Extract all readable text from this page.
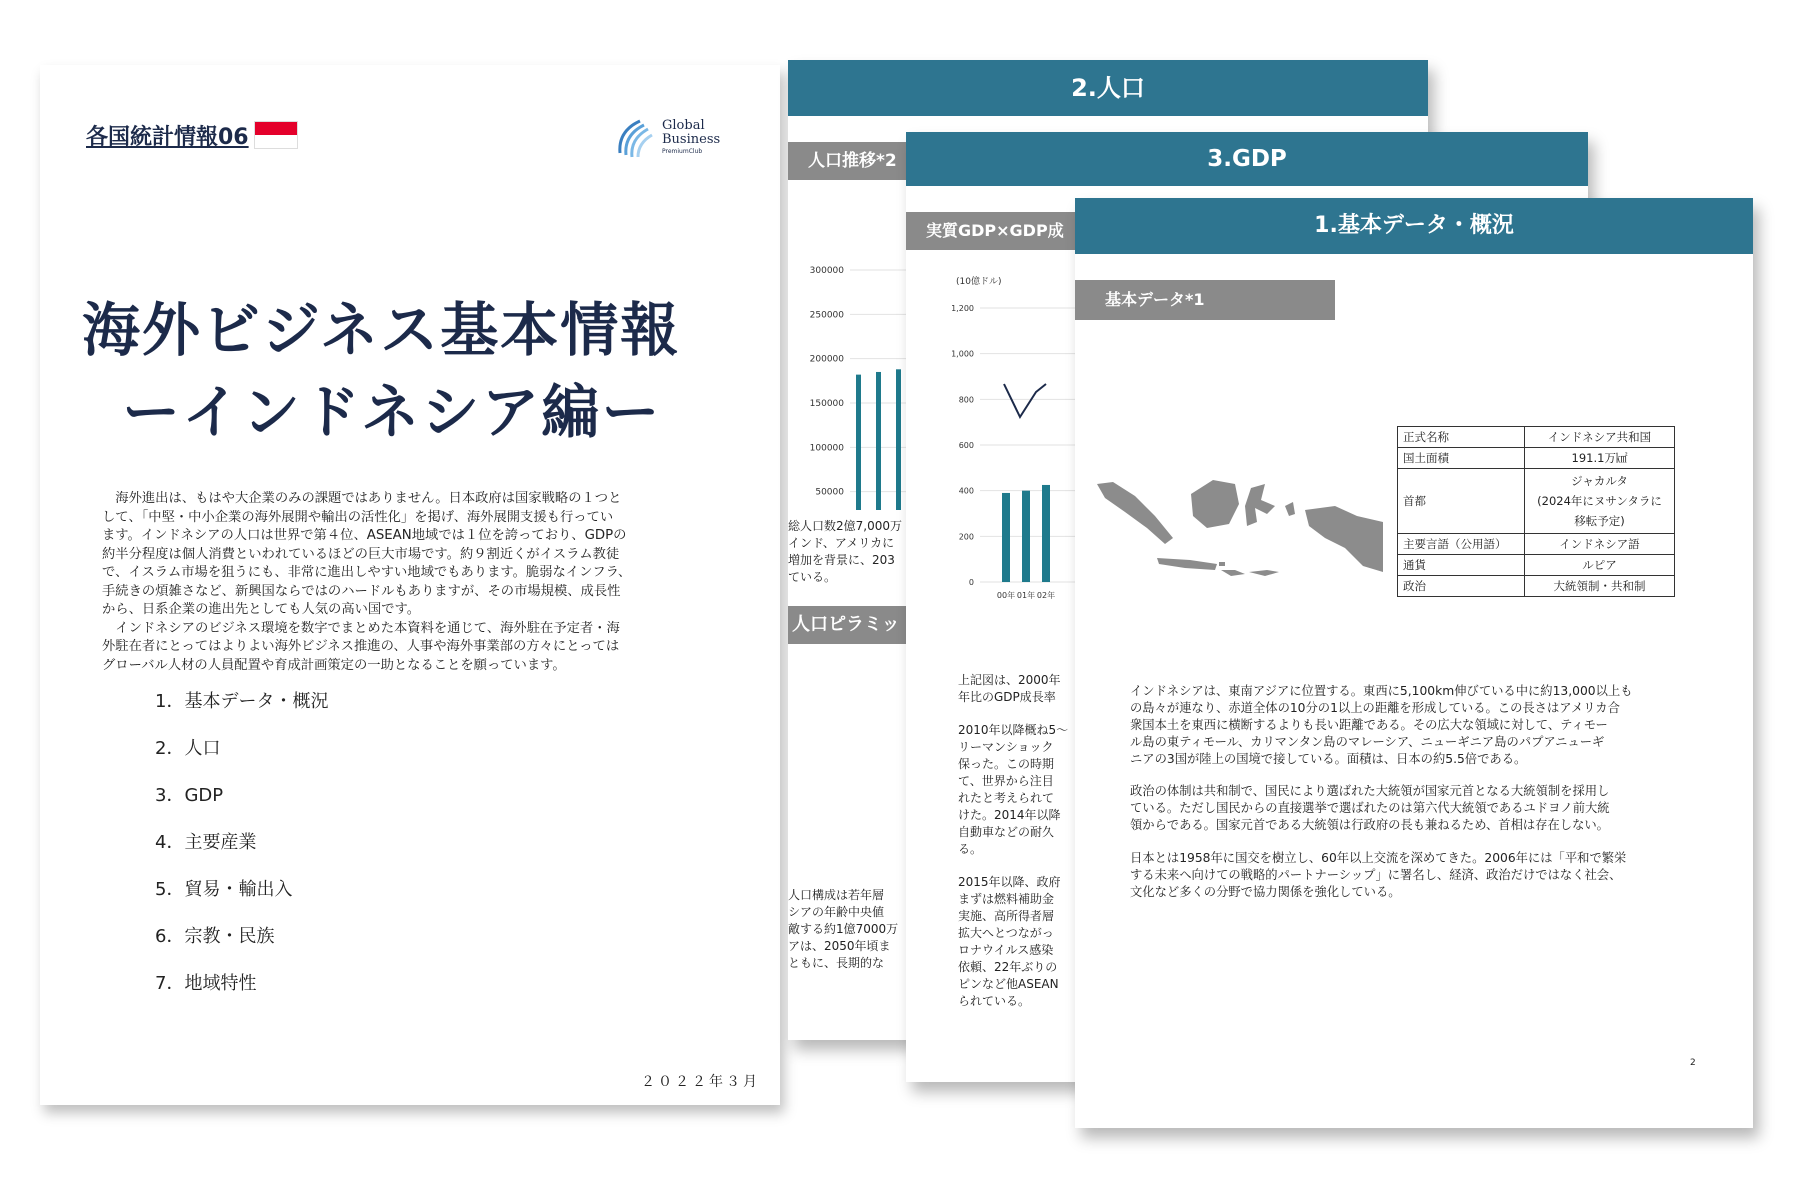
各国統計情報06	Global
Business
PremiumClub
海外ビジネス基本情報
ーインドネシア編ー
　海外進出は、もはや大企業のみの課題ではありません。日本政府は国家戦略の１つと
して、「中堅・中小企業の海外展開や輸出の活性化」を掲げ、海外展開支援も行ってい
ます。インドネシアの人口は世界で第４位、ASEAN地域では１位を誇っており、GDPの
約半分程度は個人消費といわれているほどの巨大市場です。約９割近くがイスラム教徒
で、イスラム市場を狙うにも、非常に進出しやすい地域でもあります。脆弱なインフラ、
手続きの煩雑さなど、新興国ならではのハードルもありますが、その市場規模、成長性
から、日系企業の進出先としても人気の高い国です。
　インドネシアのビジネス環境を数字でまとめた本資料を通じて、海外駐在予定者・海
外駐在者にとってはよりよい海外ビジネス推進の、人事や海外事業部の方々にとっては
グローバル人材の人員配置や育成計画策定の一助となることを願っています。
1．基本データ・概況
2．人口
3．GDP
4．主要産業
5．貿易・輸出入
6．宗教・民族
7．地域特性
２０２２年３月
2.人口
人口推移*2
300000
250000
200000
150000
100000
50000
総人口数2億7,000万
インド、アメリカに
増加を背景に、203
ている。
人口ピラミッ
人口構成は若年層
シアの年齢中央値
敵する約1億7000万
アは、2050年頃ま
ともに、長期的な
3.GDP
実質GDP×GDP成
(10億ドル)
1,200
1,000
800
600
400
200
0
00年 01年 02年
上記図は、2000年
年比のGDP成長率
2010年以降概ね5～
リーマンショック
保った。この時期
て、世界から注目
れたと考えられて
けた。2014年以降
自動車などの耐久
る。
2015年以降、政府
まずは燃料補助金
実施、高所得者層
拡大へとつながっ
ロナウイルス感染
依頼、22年ぶりの
ピンなど他ASEAN
られている。
1.基本データ・概況
基本データ*1
正式名称	インドネシア共和国
国土面積	191.1万㎢
首都	ジャカルタ
(2024年にヌサンタラに
移転予定)
主要言語（公用語）	インドネシア語
通貨	ルピア
政治	大統領制・共和制
インドネシアは、東南アジアに位置する。東西に5,100km伸びている中に約13,000以上も
の島々が連なり、赤道全体の10分の1以上の距離を形成している。この長さはアメリカ合
衆国本土を東西に横断するよりも長い距離である。その広大な領域に対して、ティモー
ル島の東ティモール、カリマンタン島のマレーシア、ニューギニア島のパプアニューギ
ニアの3国が陸上の国境で接している。面積は、日本の約5.5倍である。
政治の体制は共和制で、国民により選ばれた大統領が国家元首となる大統領制を採用し
ている。ただし国民からの直接選挙で選ばれたのは第六代大統領であるユドヨノ前大統
領からである。国家元首である大統領は行政府の長も兼ねるため、首相は存在しない。
日本とは1958年に国交を樹立し、60年以上交流を深めてきた。2006年には「平和で繁栄
する未来へ向けての戦略的パートナーシップ」に署名し、経済、政治だけではなく社会、
文化など多くの分野で協力関係を強化している。
2
